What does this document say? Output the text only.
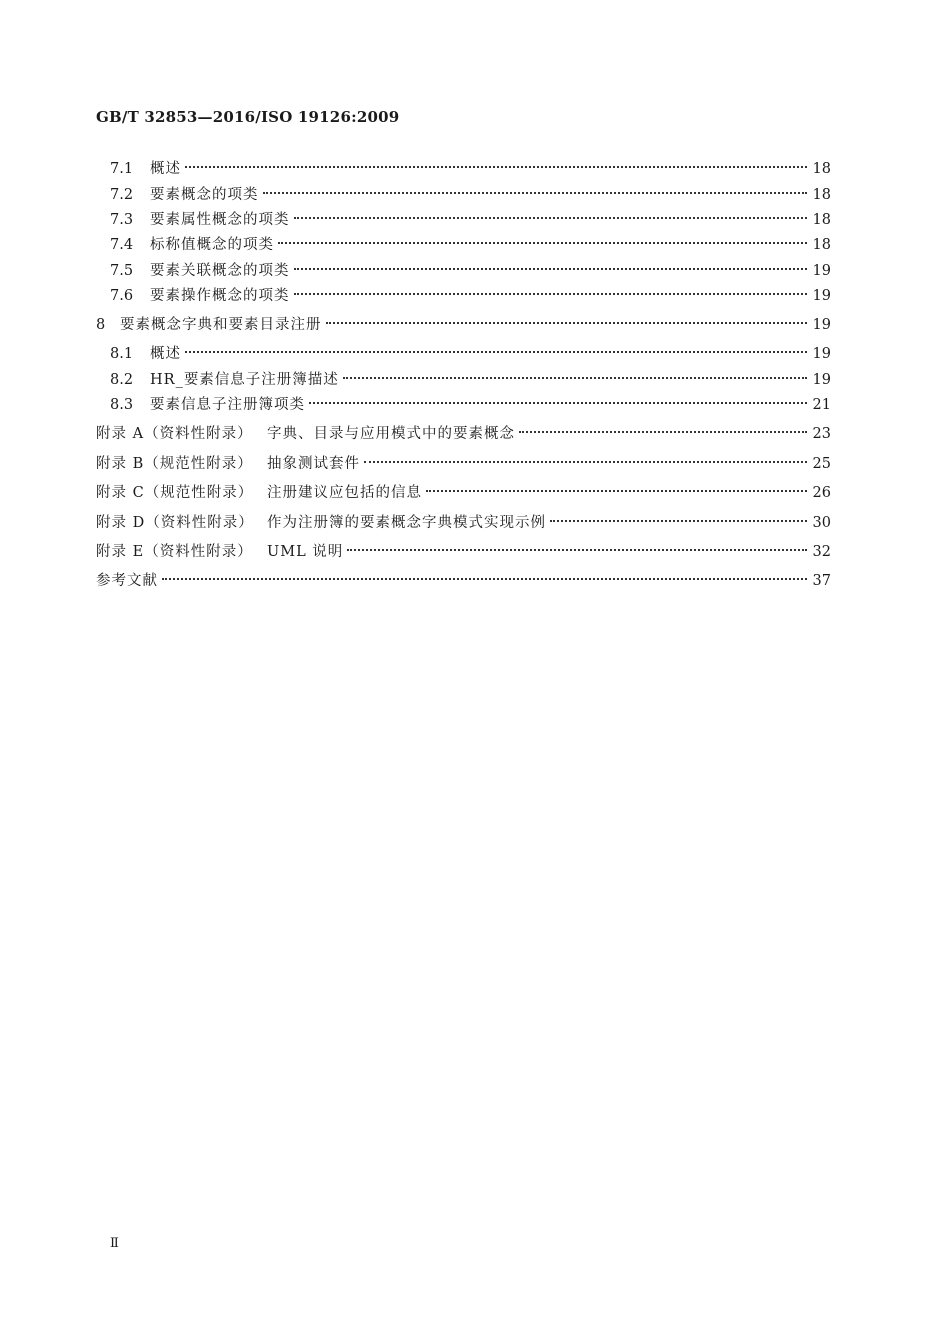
GB/T 32853—2016/ISO 19126:2009
7.1	概述	18
7.2	要素概念的项类	18
7.3	要素属性概念的项类	18
7.4	标称值概念的项类	18
7.5	要素关联概念的项类	19
7.6	要素操作概念的项类	19
8	要素概念字典和要素目录注册	19
8.1	概述	19
8.2	HR_要素信息子注册簿描述	19
8.3	要素信息子注册簿项类	21
附录 A（资料性附录） 字典、目录与应用模式中的要素概念	23
附录 B（规范性附录） 抽象测试套件	25
附录 C（规范性附录） 注册建议应包括的信息	26
附录 D（资料性附录） 作为注册簿的要素概念字典模式实现示例	30
附录 E（资料性附录） UML 说明	32
参考文献	37
Ⅱ
